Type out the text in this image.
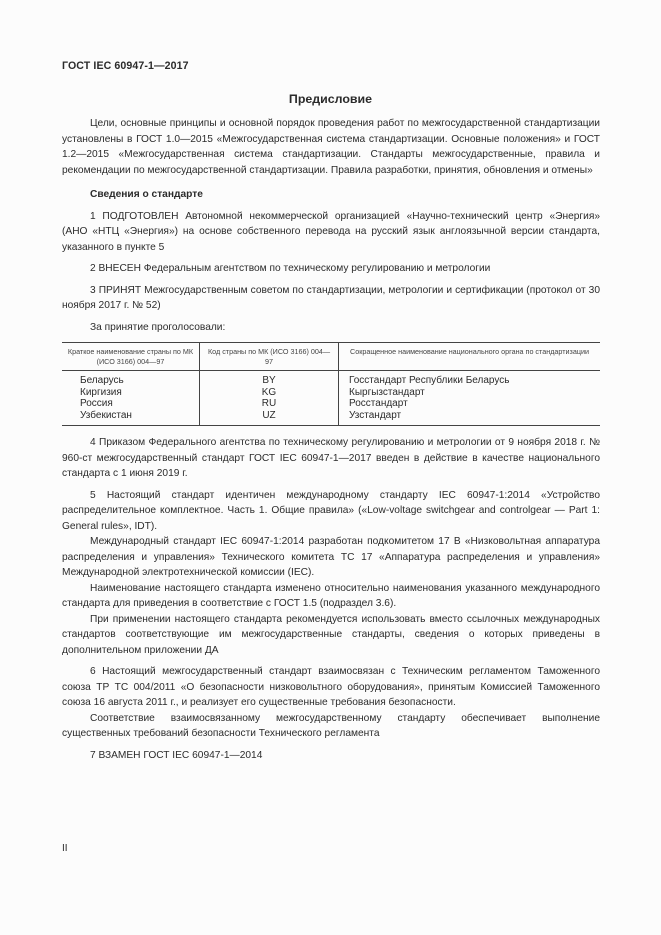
ГОСТ IEC 60947-1—2017
Предисловие

Цели, основные принципы и основной порядок проведения работ по межгосударственной стандартизации установлены в ГОСТ 1.0—2015 «Межгосударственная система стандартизации. Основные положения» и ГОСТ 1.2—2015 «Межгосударственная система стандартизации. Стандарты межгосударственные, правила и рекомендации по межгосударственной стандартизации. Правила разработки, принятия, обновления и отмены»

Сведения о стандарте

1 ПОДГОТОВЛЕН Автономной некоммерческой организацией «Научно-технический центр «Энергия» (АНО «НТЦ «Энергия») на основе собственного перевода на русский язык англоязычной версии стандарта, указанного в пункте 5

2 ВНЕСЕН Федеральным агентством по техническому регулированию и метрологии

3 ПРИНЯТ Межгосударственным советом по стандартизации, метрологии и сертификации (протокол от 30 ноября 2017 г. № 52)

За принятие проголосовали:

Краткое наименование страны по МК (ИСО 3166) 004—97	Код страны по МК (ИСО 3166) 004—97	Сокращенное наименование национального органа по стандартизации
Беларусь	BY	Госстандарт Республики Беларусь
Киргизия	KG	Кыргызстандарт
Россия	RU	Росстандарт
Узбекистан	UZ	Узстандарт

4 Приказом Федерального агентства по техническому регулированию и метрологии от 9 ноября 2018 г. № 960-ст межгосударственный стандарт ГОСТ IEC 60947-1—2017 введен в действие в качестве национального стандарта с 1 июня 2019 г.

5 Настоящий стандарт идентичен международному стандарту IEC 60947-1:2014 «Устройство распределительное комплектное. Часть 1. Общие правила» («Low-voltage switchgear and controlgear — Part 1: General rules», IDT).

Международный стандарт IEC 60947-1:2014 разработан подкомитетом 17 B «Низковольтная аппаратура распределения и управления» Технического комитета ТС 17 «Аппаратура распределения и управления» Международной электротехнической комиссии (IEC).

Наименование настоящего стандарта изменено относительно наименования указанного международного стандарта для приведения в соответствие с ГОСТ 1.5 (подраздел 3.6).

При применении настоящего стандарта рекомендуется использовать вместо ссылочных международных стандартов соответствующие им межгосударственные стандарты, сведения о которых приведены в дополнительном приложении ДА

6 Настоящий межгосударственный стандарт взаимосвязан с Техническим регламентом Таможенного союза ТР ТС 004/2011 «О безопасности низковольтного оборудования», принятым Комиссией Таможенного союза 16 августа 2011 г., и реализует его существенные требования безопасности.

Соответствие взаимосвязанному межгосударственному стандарту обеспечивает выполнение существенных требований безопасности Технического регламента

7 ВЗАМЕН ГОСТ IEC 60947-1—2014

II
